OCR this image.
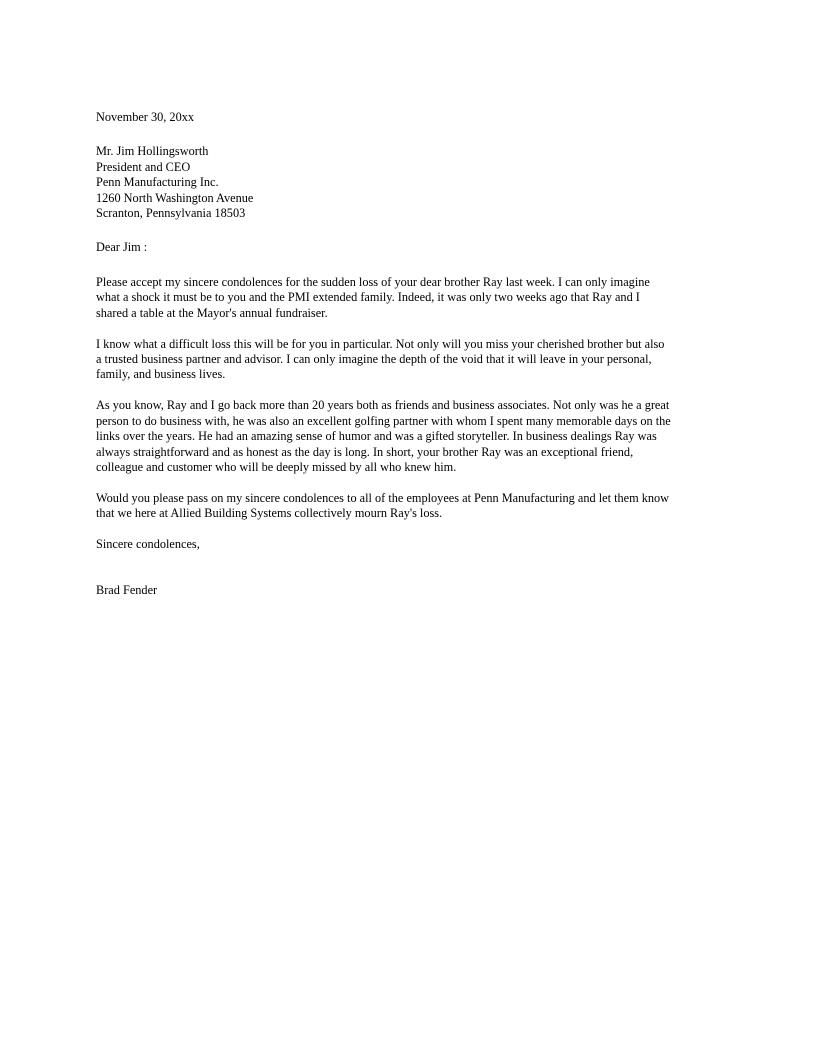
November 30, 20xx
Mr. Jim Hollingsworth
President and CEO
Penn Manufacturing Inc.
1260 North Washington Avenue
Scranton, Pennsylvania 18503
Dear Jim :
Please accept my sincere condolences for the sudden loss of your dear brother Ray last week. I can only imagine
what a shock it must be to you and the PMI extended family. Indeed, it was only two weeks ago that Ray and I
shared a table at the Mayor's annual fundraiser.
I know what a difficult loss this will be for you in particular. Not only will you miss your cherished brother but also
a trusted business partner and advisor. I can only imagine the depth of the void that it will leave in your personal,
family, and business lives.
As you know, Ray and I go back more than 20 years both as friends and business associates. Not only was he a great
person to do business with, he was also an excellent golfing partner with whom I spent many memorable days on the
links over the years. He had an amazing sense of humor and was a gifted storyteller. In business dealings Ray was
always straightforward and as honest as the day is long. In short, your brother Ray was an exceptional friend,
colleague and customer who will be deeply missed by all who knew him.
Would you please pass on my sincere condolences to all of the employees at Penn Manufacturing and let them know
that we here at Allied Building Systems collectively mourn Ray's loss.
Sincere condolences,
Brad Fender
